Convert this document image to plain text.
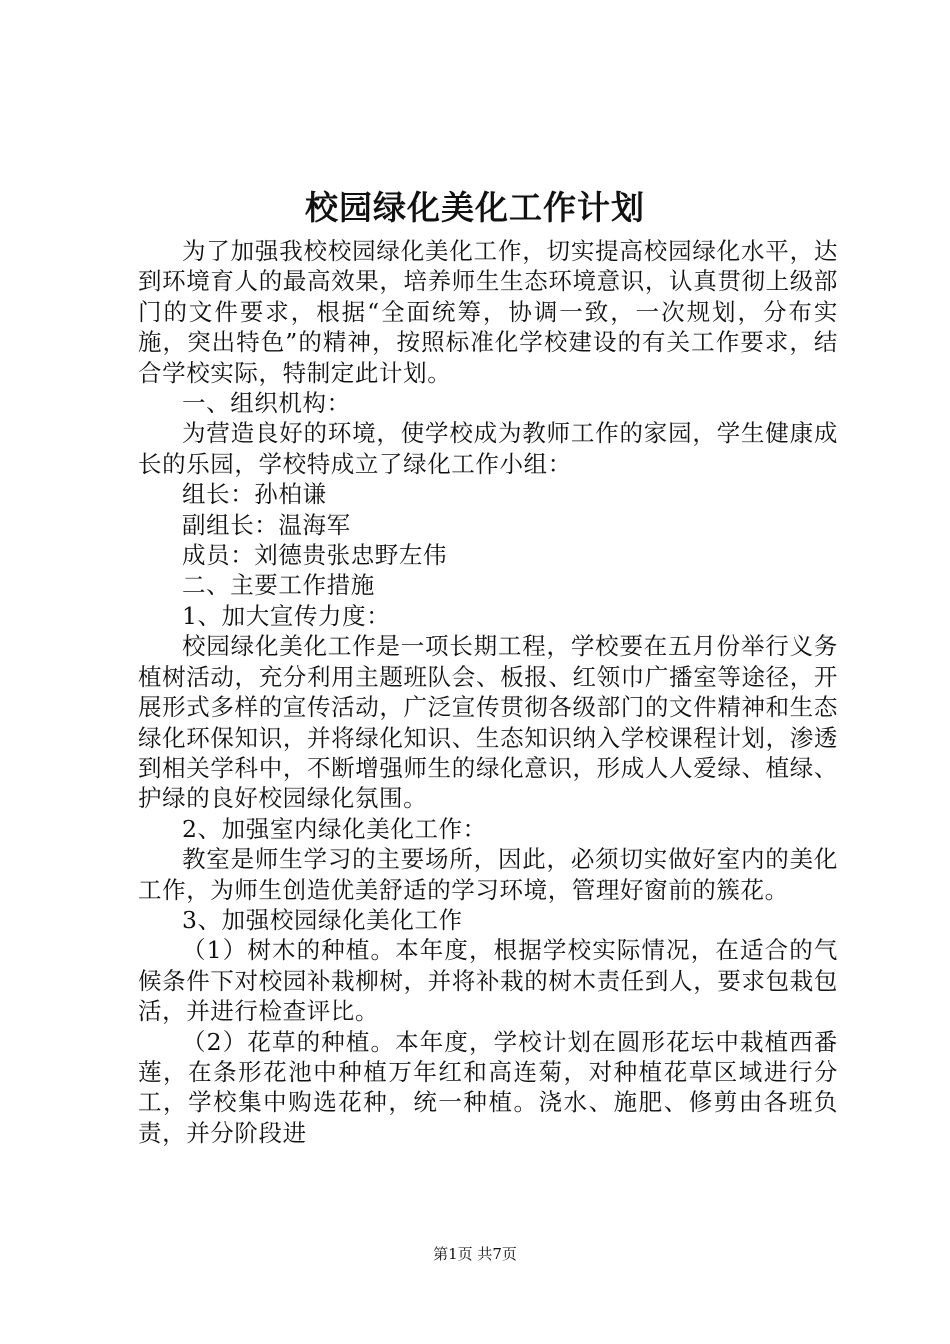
校园绿化美化工作计划

为了加强我校校园绿化美化工作，切实提高校园绿化水平，达到环境育人的最高效果，培养师生生态环境意识，认真贯彻上级部门的文件要求，根据“全面统筹，协调一致，一次规划，分布实施，突出特色”的精神，按照标准化学校建设的有关工作要求，结合学校实际，特制定此计划。

一、组织机构：

为营造良好的环境，使学校成为教师工作的家园，学生健康成长的乐园，学校特成立了绿化工作小组：

组长：孙柏谦

副组长：温海军

成员：刘德贵张忠野左伟

二、主要工作措施

1、加大宣传力度：

校园绿化美化工作是一项长期工程，学校要在五月份举行义务植树活动，充分利用主题班队会、板报、红领巾广播室等途径，开展形式多样的宣传活动，广泛宣传贯彻各级部门的文件精神和生态绿化环保知识，并将绿化知识、生态知识纳入学校课程计划，渗透到相关学科中，不断增强师生的绿化意识，形成人人爱绿、植绿、护绿的良好校园绿化氛围。

2、加强室内绿化美化工作：

教室是师生学习的主要场所，因此，必须切实做好室内的美化工作，为师生创造优美舒适的学习环境，管理好窗前的簇花。

3、加强校园绿化美化工作

（1）树木的种植。本年度，根据学校实际情况，在适合的气候条件下对校园补栽柳树，并将补栽的树木责任到人，要求包栽包活，并进行检查评比。

（2）花草的种植。本年度，学校计划在圆形花坛中栽植西番莲，在条形花池中种植万年红和高连菊，对种植花草区域进行分工，学校集中购选花种，统一种植。浇水、施肥、修剪由各班负责，并分阶段进

第1页 共7页
